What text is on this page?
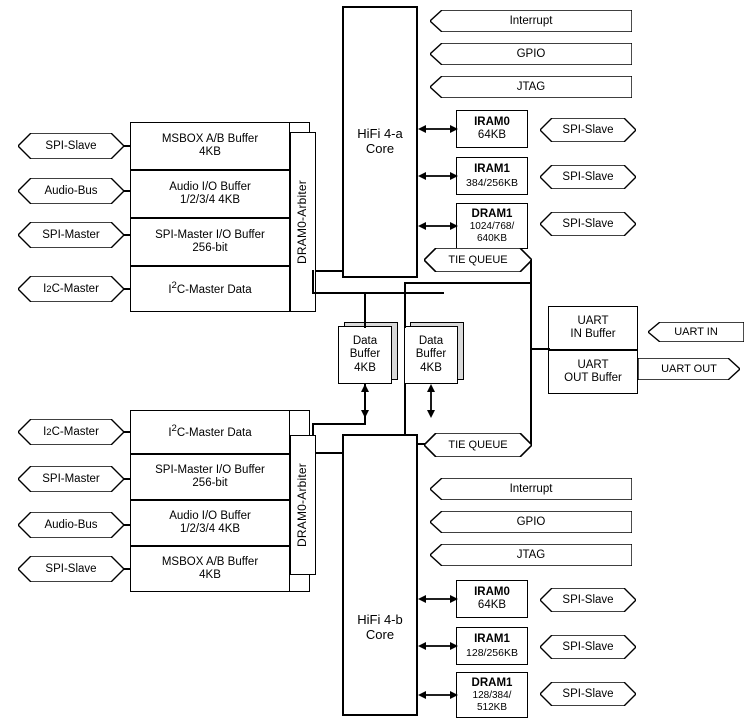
HiFi 4-a
Core
Interrupt
GPIO
JTAG
IRAM0
64KB
IRAM1
384/256KB
DRAM1
1024/768/
640KB
SPI-Slave
SPI-Slave
SPI-Slave
MSBOX A/B Buffer
4KB
Audio I/O Buffer
1/2/3/4 4KB
SPI-Master I/O Buffer
256-bit
$I^2C$-Master Data
DRAM0-Arbiter
SPI-Slave
Audio-Bus
SPI-Master
I 2 C-Master
TIE QUEUE
Data
Buffer
4KB
Data
Buffer
4KB
UART
IN Buffer
UART
OUT Buffer
UART IN
UART OUT
HiFi 4-b
Core
TIE QUEUE
Interrupt
GPIO
JTAG
IRAM0
64KB
IRAM1
128/256KB
DRAM1
128/384/
512KB
SPI-Slave
SPI-Slave
SPI-Slave
$I^2C$-Master Data
SPI-Master I/O Buffer
256-bit
Audio I/O Buffer
1/2/3/4 4KB
MSBOX A/B Buffer
4KB
DRAM0-Arbiter
I 2 C-Master
SPI-Master
Audio-Bus
SPI-Slave
